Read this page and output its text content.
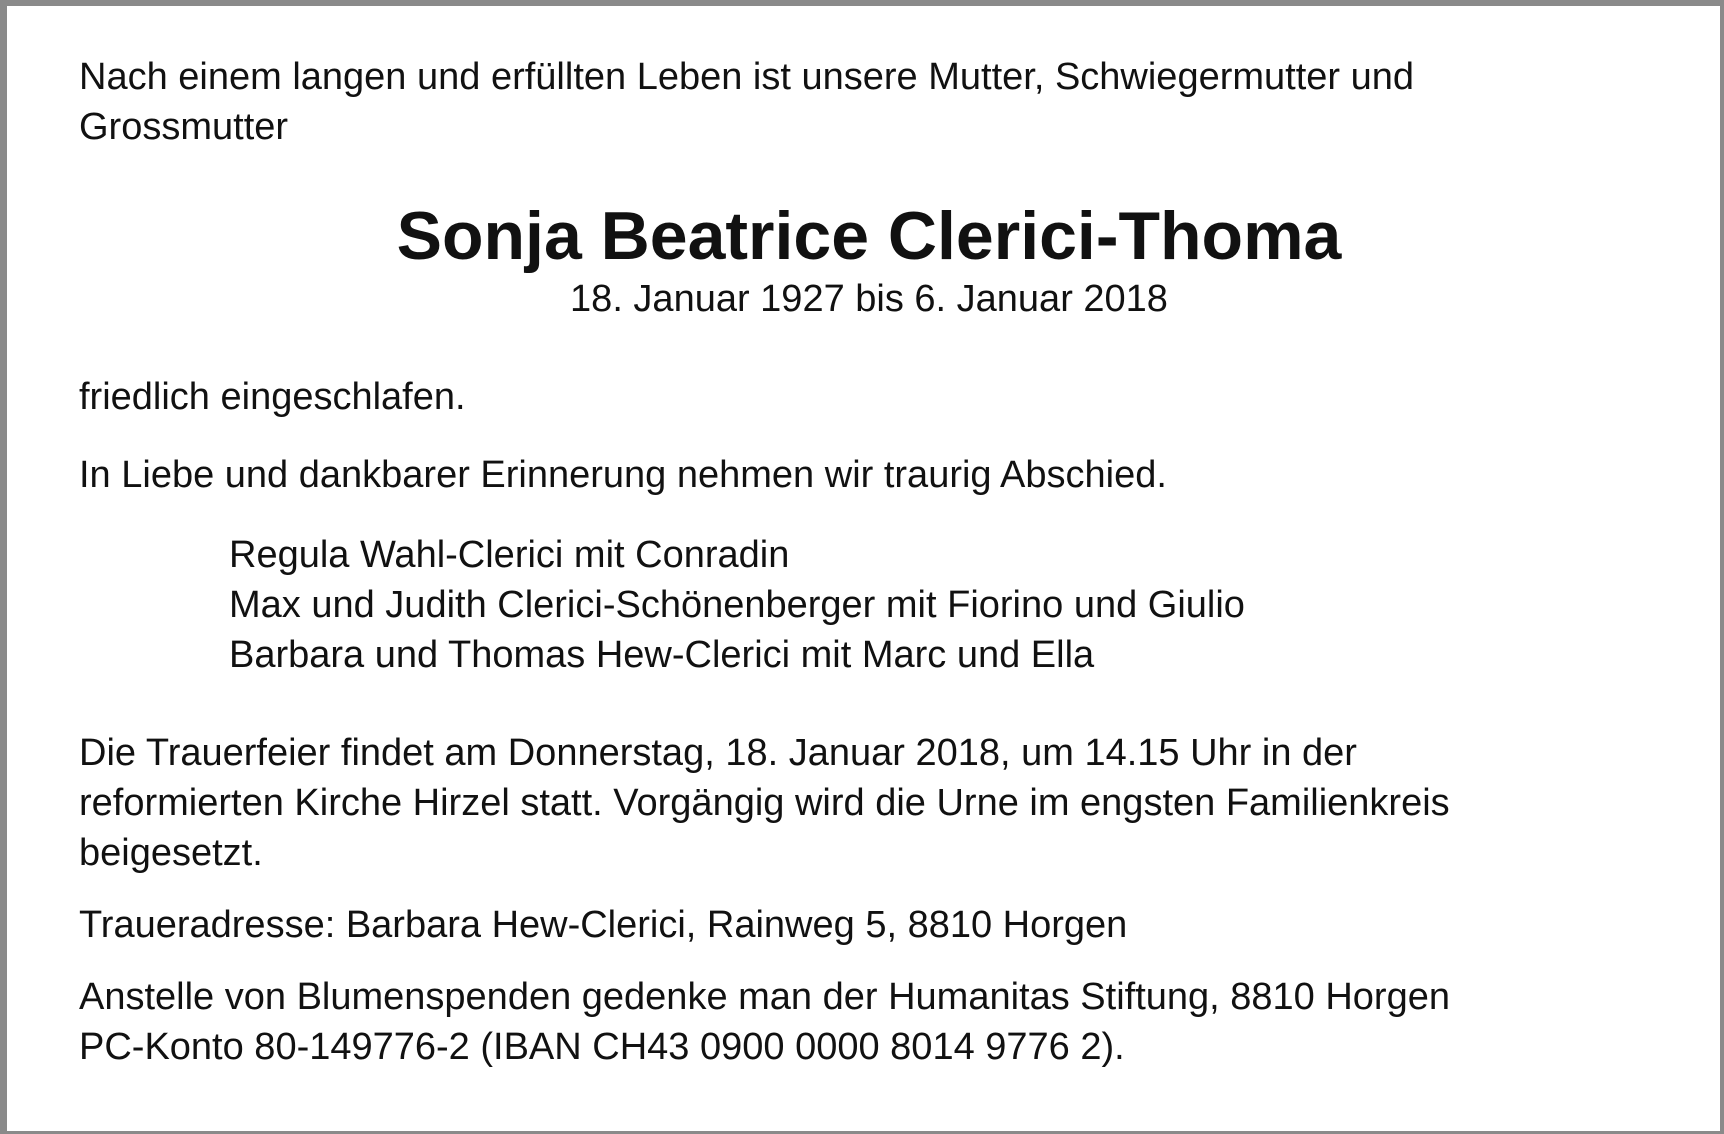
Nach einem langen und erfüllten Leben ist unsere Mutter, Schwiegermutter und
Grossmutter
Sonja Beatrice Clerici-Thoma
18. Januar 1927 bis 6. Januar 2018
friedlich eingeschlafen.
In Liebe und dankbarer Erinnerung nehmen wir traurig Abschied.
Regula Wahl-Clerici mit Conradin
Max und Judith Clerici-Schönenberger mit Fiorino und Giulio
Barbara und Thomas Hew-Clerici mit Marc und Ella
Die Trauerfeier findet am Donnerstag, 18. Januar 2018, um 14.15 Uhr in der
reformierten Kirche Hirzel statt. Vorgängig wird die Urne im engsten Familienkreis
beigesetzt.
Traueradresse: Barbara Hew-Clerici, Rainweg 5, 8810 Horgen
Anstelle von Blumenspenden gedenke man der Humanitas Stiftung, 8810 Horgen
PC-Konto 80-149776-2 (IBAN CH43 0900 0000 8014 9776 2).
